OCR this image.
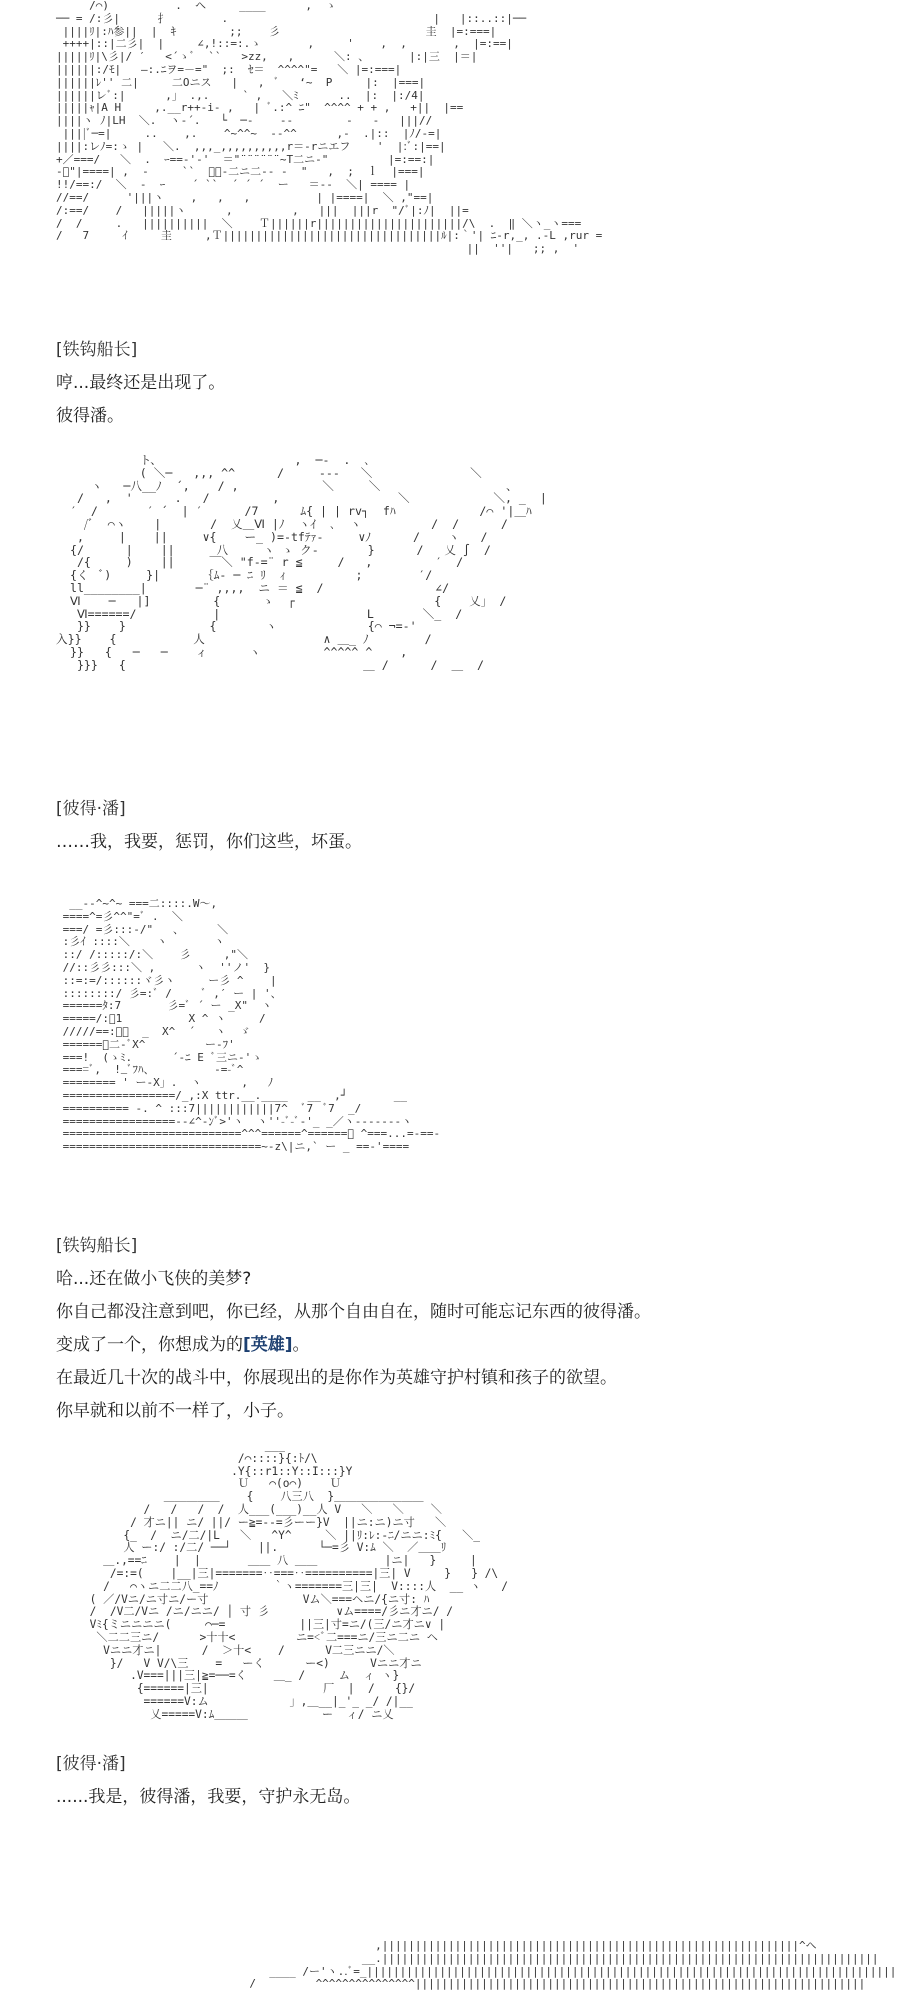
/⌒)          .  ヘ     ____      ,  ゝ
── = /:彡| 　   扌        .                               |   |::..::|──
||||ﾘ|:ﾊ参||  |  ｷ        ;;    彡                      圭  |=:===|
++++|::|二彡|  |     ∠,!::=:.ゝ       ,     '    ,  ,       ,  |=:==|
|||||ﾘ|\彡|/ ′   <´ゝﾞ  ``   >zz,   ,      ＼: 、      |:|三  |＝|
||||||:/ﾓ|   ―:.ﾆヲ=－="  ;:  ｾ＝  ^^^^"=   ＼ |=:===|
||||||ﾚ'' 二|     二Oニス   |   ,  ﾞ   ‘~  P     |:  |===|
||||||レﾞ:|      ,」 .,.     ` ,   ＼ﾐ      ..  |:  |:/4|
|||||ｬ|A H     ,.__r++-i- ,   | ﾞ.:^ ﾆ"  ^^^^ + + ,   +||  |==
||||ヽ ﾉ|LH  ＼.  ヽ-´.   └  ─‐    --        ‐   ‐   |||//
||||ﾞ─=|     ..    ,.    ^~^^~  ‐-^^      ,-  .|::  |ﾉ/‐=|
||||:レﾉ=:ゝ |   ＼.  ,,,_,,,,,,,,,,r＝-rニエフ    '  |:ﾞ:|==|
+／===/   ＼  .  ｰ==-'-'  ＝"¨¨¨¨¨¨~T二ニ-"         |=:==:|
-ﾞ"|====| ,  ‐     ``  ﾞﾞ‐二ニ二-- ‐  "   ,  ;  ｌ  |===|
!!/==:/  ＼  ‐  ｰ    ´ ``  ´ ´ ´  ー   ＝‐‐  ＼| ==== |
//==/ 　   '|||ヽ    ,   ,   ,          | |====|  ＼ ,"==|
/:==/    /   |||||ヽ      ,         ,   |||  |||r  "/ﾞ|:ﾉ|  ||=
/  /     .   ||||||||||  ＼    Ｔ||||||r||||||||||||||||||||||/\  .  ‖ ＼ヽ_ヽ===
/   7     ｲ     圭     ,Ｔ|||||||||||||||||||||||||||||||||ﾙ|:｀'| ﾆ-r,_, .-L ,rur =
||  ''|   ;; ,  '
[铁钩船长]
哼...最终还是出现了。
彼得潘。
ト、                   ,  ─-  .  ､
( ＼─   ,,, ^^      /     ‐‐‐   ＼              ＼
ヽ   ─八__ﾉ  ´,    / ,            ＼     ＼                  、
/   ,  '      .   /         ,                 ＼            ＼, _  |
′  /       ′ ´  | ′      /7      ﾑ{ | | rv┐  fﾊ            /⌒ '|＿ﾊ
/ﾞ  ⌒ヽ    |       /  乂＿Ⅵ |ﾉ  ヽｲ  ､  ヽ          /  /      /
,     |    ||     ∨{    ー_ )=-tfﾃｧ-     ∨ﾉ      /    ヽ   /
{/      |    ||      八     ヽ ゝ ク-       }      /   乂 ∫  /
/{     )    ||     ￣＼ "f-=¨ r ≦     /   ,         ′  /
{く  ﾞ)     }|      ｛ﾑ- ─ ﾆ ﾘ  ｨ          ;        ′/
ll________|       ─¨ ,,,,  ニ ＝ ≦  /                ∠/
Ⅵ    ─   |]         {      ゝ  ┌                    {    乂」 /
Ⅵ======/           |                     L       ＼_  /
}}    }            {       ヽ             {⌒ ¬=‐'
入}}    {           人                 ∧ ＿_ ﾉ        ∕
}}   {   ─   ─    ィ      ヽ         ^^^^^ ^    ,
}}}   {                                  ＿ /      /  ＿  /
[彼得·潘]
……我，我要，惩罚，你们这些，坏蛋。
__--^~^~ ===二::::.W〜,
====^=彡^^"=ﾞ .  ＼
===/ =彡:::-/"   、     ＼
:彡ｲ ::::＼    ヽ       ヽ
::/ /:::::/:＼    彡     ,"＼
//::彡彡:::＼ ,      ヽ  ''ノ'  }
::=:=/::::::ヾ彡ヽ     ー彡 ^    |
::::::::/ 彡=:ﾞ /     ﾞ ,′ ー | '、
======ﾀ:7       彡=ﾞ ´ ー _X"  ヽ
=====/:ﾞ1          X ^ ヽ     /
/////==:ﾞ､  _  X^  ´   ヽ  ゞ
======ﾞ二-ﾞX^         ー-ﾌ'
===!  (ゝﾐ.      ´-ﾆ E ﾞ三ニ-'ゝ
====ﾞ,  !_ﾞﾌﾊ、         -=-ﾞ^
======== ' ー-X」.  ヽ      ,   ﾉ
=================/_,:X ttr.__.____   __  ,┘       __
========== -. ^ :::7||||||||||||7^  ﾞ7  ﾞ7  _/
=================--∠^-ﾝﾞ>'ヽ  ヽ''-ﾞ-ﾞ-'_ _／ヽ-------ヽ
===========================^^^======^======ﾞ ^===...=-==-
==============================~-z\|ニ,` ー _ ==-'====
[铁钩船长]
哈...还在做小飞侠的美梦?
你自己都没注意到吧，你已经，从那个自由自在，随时可能忘记东西的彼得潘。
变成了一个，你想成为的[英雄]。
在最近几十次的战斗中，你展现出的是你作为英雄守护村镇和孩子的欲望。
你早就和以前不一样了，小子。
___
/⌒::::}{:ﾄ/\
.Y{::r1::Y::I:::}Y
Ｕ   ⌒(o⌒)    Ｕ
＿＿＿＿＿    {    八三八  }＿＿＿＿＿＿＿＿
/   /   /  /  人___(___)__人 V   ＼   ＼    ＼
/ 才ニ|| ニ/ ||/ ー≧=--=彡ーー}V  ||ニ:ニ)ニ寸   ＼
{_  /  ニ/二/|L   ＼   ^Y^     ＼ ||ﾘ:ﾚ:-ﾆ/ニニ:ﾐ{   ＼_
人 ー:/ :/二/ ──┘    ||.      └─=彡 V:ﾑ ＼  ／＿＿ﾘ
＿.,==ﾆ    |  |       ＿＿ 八 ＿＿          |ニ|   }     |
/=:=(    |__|三|=======‥===‥==========|三| V     }   } /\
/   ⌒ヽニ二二八_==ﾉ        ｀ヽ=======三|三|  V::::人  __ ヽ   /
( ／/Vニ/ニ寸ニ/ー寸              Vム＼===ヘニ/{ニ寸: ﾊ
/  /V二/Vニ /ニ/ニニ/ │ 寸 彡          ∨ム====/彡ニ才ニ/ /
Vﾐ{ミニニニニ(     ⌒─=           ||三|寸=ニ/(三/ニ才ニ∨ |
＼二二三ニ/      >十十<         ニ=<ﾞ二===ニ/三ニ二ニ ヘ
Vニニ才ニ|      /  ＞十<    /      V二三ニニ/＼
}/   V V/\三    =   ーく      ー<)      Vニニ才ニ
.V===|||三|≧=──=く    ＿_ /     ム  ィ ヽ}
{======|三|                 厂  |  /   {}/
======V:ム            」,＿__|_'_ _/ /|__
乂=====V:ﾑ＿＿＿           ー  ィ/ ニ乂
[彼得·潘]
......我是，彼得潘，我要，守护永无岛。
,|||||||||||||||||||||||||||||||||||||||||||||||||||||||||||||||^ヘ
__.|||||||||||||||||||||||||||||||||||||||||||||||||||||||||||||||||||||||||||
____ /ー'ヽ..ﾞ=_||||||||||||||||||||||||||||||||||||||||||||||||||||||||||||||||||||||||||||||||
/         ^^^^^^^^^^^^^^^||||||||||||||||||||||||||||||||||||||||||||||||||||||||||||||||||||
